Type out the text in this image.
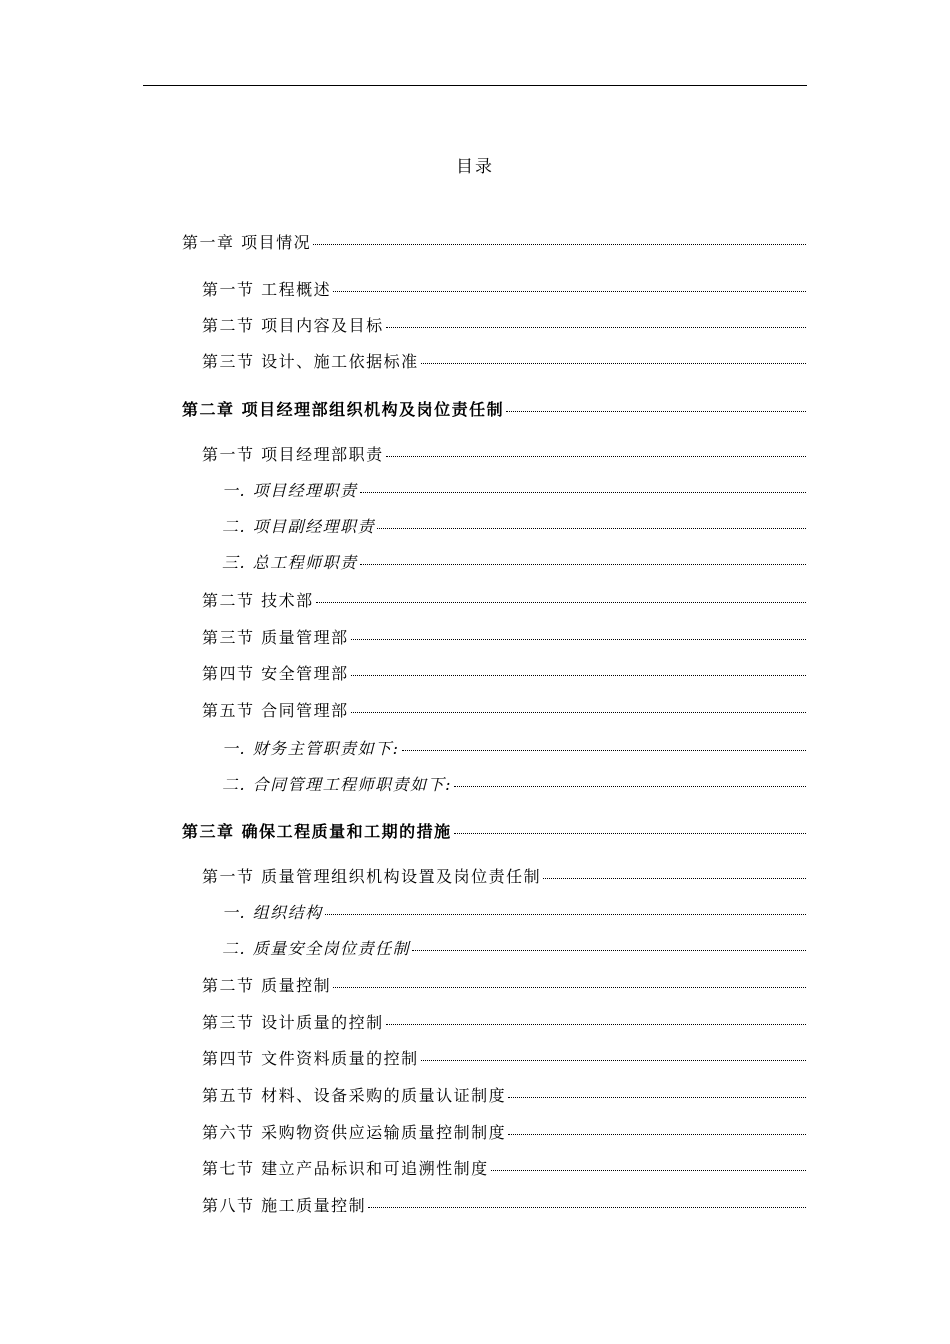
目录
第一章 项目情况
第一节 工程概述
第二节 项目内容及目标
第三节 设计、施工依据标准
第二章 项目经理部组织机构及岗位责任制
第一节 项目经理部职责
一. 项目经理职责
二. 项目副经理职责
三. 总工程师职责
第二节 技术部
第三节 质量管理部
第四节 安全管理部
第五节 合同管理部
一. 财务主管职责如下:
二. 合同管理工程师职责如下:
第三章 确保工程质量和工期的措施
第一节 质量管理组织机构设置及岗位责任制
一. 组织结构
二. 质量安全岗位责任制
第二节 质量控制
第三节 设计质量的控制
第四节 文件资料质量的控制
第五节 材料、设备采购的质量认证制度
第六节 采购物资供应运输质量控制制度
第七节 建立产品标识和可追溯性制度
第八节 施工质量控制
